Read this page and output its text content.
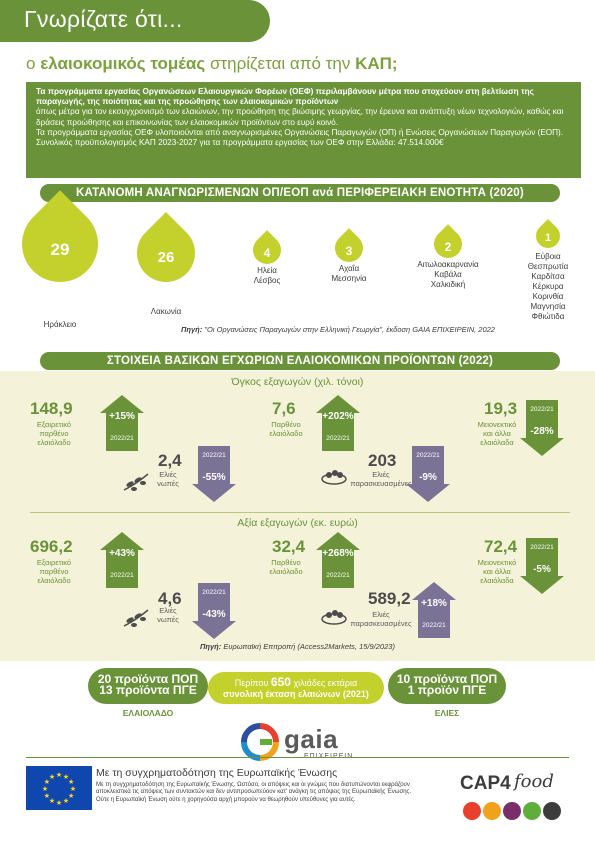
Γνωρίζατε ότι...
ο ελαιοκομικός τομέας στηρίζεται από την ΚΑΠ;

Τα προγράμματα εργασίας Οργανώσεων Ελαιουργικών Φορέων (ΟΕΦ) περιλαμβάνουν μέτρα που στοχεύουν στη βελτίωση της παραγωγής, της ποιότητας και της προώθησης των ελαιοκομικών προϊόντων

όπως μέτρα για τον εκσυγχρονισμό των ελαιώνων, την προώθηση της βιώσιμης γεωργίας, την έρευνα και ανάπτυξη νέων τεχνολογιών, καθώς και δράσεις προώθησης και επικοινωνίας των ελαιοκομικών προϊόντων στο ευρύ κοινό.

Τα προγράμματα εργασίας ΟΕΦ υλοποιούνται από αναγνωρισμένες Οργανώσεις Παραγωγών (ΟΠ) ή Ενώσεις Οργανώσεων Παραγωγών (ΕΟΠ).

Συνολικός προϋπολογισμός ΚΑΠ 2023-2027 για τα προγράμματα εργασίας των ΟΕΦ στην Ελλάδα: 47.514.000€

ΚΑΤΑΝΟΜΗ ΑΝΑΓΝΩΡΙΣΜΕΝΩΝ ΟΠ/ΕΟΠ ανά ΠΕΡΙΦΕΡΕΙΑΚΗ ΕΝΟΤΗΤΑ (2020)
29
Ηράκλειο
26
Λακωνία
4
Ηλεία
Λέσβος
3
Αχαΐα
Μεσσηνία
2
Αιτωλοακαρνανία
Καβάλα
Χαλκιδική
1
Εύβοια
Θεσπρωτία
Καρδίτσα
Κέρκυρα
Κορινθία
Μαγνησία
Φθιώτιδα
Πηγή: "Οι Οργανώσεις Παραγωγών στην Ελληνική Γεωργία", έκδοση GAIA ΕΠΙΧΕΙΡΕΙΝ, 2022
ΣΤΟΙΧΕΙΑ ΒΑΣΙΚΩΝ ΕΓΧΩΡΙΩΝ ΕΛΑΙΟΚΟΜΙΚΩΝ ΠΡΟΪΟΝΤΩΝ (2022)
Όγκος εξαγωγών (χιλ. τόνοι)
Αξία εξαγωγών (εκ. ευρώ)
148,9
Εξαιρετικό
παρθένο
ελαιόλαδο
+15%
2022/21
7,6
Παρθένο
ελαιόλαδο
+202%
2022/21
19,3
Μειονεκτικό
και άλλα
ελαιόλαδα
-28%
2022/21
2,4
Ελιές
νωπές
-55%
2022/21	203
Ελιές
παρασκευασμένες
-9%
2022/21
696,2
Εξαιρετικό
παρθένο
ελαιόλαδο
+43%
2022/21
32,4
Παρθένο
ελαιόλαδο
+268%
2022/21
72,4
Μειονεκτικό
και άλλα
ελαιόλαδα
-5%
2022/21
4,6
Ελιές
νωπές	-43%
2022/21	589,2
Ελιές
παρασκευασμένες
+18%
2022/21
Πηγή: Ευρωπαϊκή Επιτροπή (Access2Markets, 15/9/2023)
20 προϊόντα ΠΟΠ
13 προϊόντα ΠΓΕ
ΕΛΑΙΟΛΑΔΟ
Περίπου 650 χιλιάδες εκτάρια
συνολική έκταση ελαιώνων (2021)
10 προϊόντα ΠΟΠ
1 προϊόν ΠΓΕ
ΕΛΙΕΣ
gaia
★
★
★
★
★
★
★
★
★ ★ ★
★
Με τη συγχρηματοδότηση της Ευρωπαϊκής Ένωσης
Με τη συγχρηματοδότηση της Ευρωπαϊκής Ένωσης. Ωστόσο, οι απόψεις και οι γνώμες που διατυπώνονται εκφράζουν αποκλειστικά τις απόψεις των συντακτών και δεν αντιπροσωπεύουν κατ' ανάγκη τις απόψεις της Ευρωπαϊκής Ένωσης. Ούτε η Ευρωπαϊκή Ένωση ούτε η χορηγούσα αρχή μπορούν να θεωρηθούν υπεύθυνες για αυτές.
CAP4 food
